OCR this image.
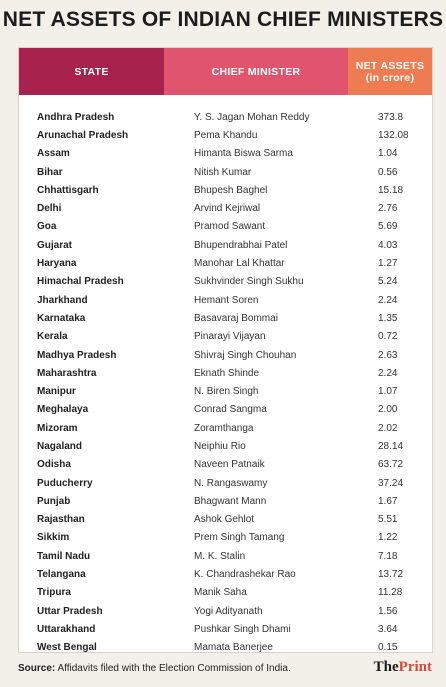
NET ASSETS OF INDIAN CHIEF MINISTERS
STATE	CHIEF MINISTER	NET ASSETS
(in crore)
Andhra Pradesh	Y. S. Jagan Mohan Reddy	373.8
Arunachal Pradesh	Pema Khandu	132.08
Assam	Himanta Biswa Sarma	1.04
Bihar	Nitish Kumar	0.56
Chhattisgarh	Bhupesh Baghel	15.18
Delhi	Arvind Kejriwal	2.76
Goa	Pramod Sawant	5.69
Gujarat	Bhupendrabhai Patel	4.03
Haryana	Manohar Lal Khattar	1.27
Himachal Pradesh	Sukhvinder Singh Sukhu	5.24
Jharkhand	Hemant Soren	2.24
Karnataka	Basavaraj Bommai	1.35
Kerala	Pinarayi Vijayan	0.72
Madhya Pradesh	Shivraj Singh Chouhan	2.63
Maharashtra	Eknath Shinde	2.24
Manipur	N. Biren Singh	1.07
Meghalaya	Conrad Sangma	2.00
Mizoram	Zoramthanga	2.02
Nagaland	Neiphiu Rio	28.14
Odisha	Naveen Patnaik	63.72
Puducherry	N. Rangaswamy	37.24
Punjab	Bhagwant Mann	1.67
Rajasthan	Ashok Gehlot	5.51
Sikkim	Prem Singh Tamang	1.22
Tamil Nadu	M. K. Stalin	7.18
Telangana	K. Chandrashekar Rao	13.72
Tripura	Manik Saha	11.28
Uttar Pradesh	Yogi Adityanath	1.56
Uttarakhand	Pushkar Singh Dhami	3.64
West Bengal	Mamata Banerjee	0.15
Source: Affidavits filed with the Election Commission of India.	ThePrint
